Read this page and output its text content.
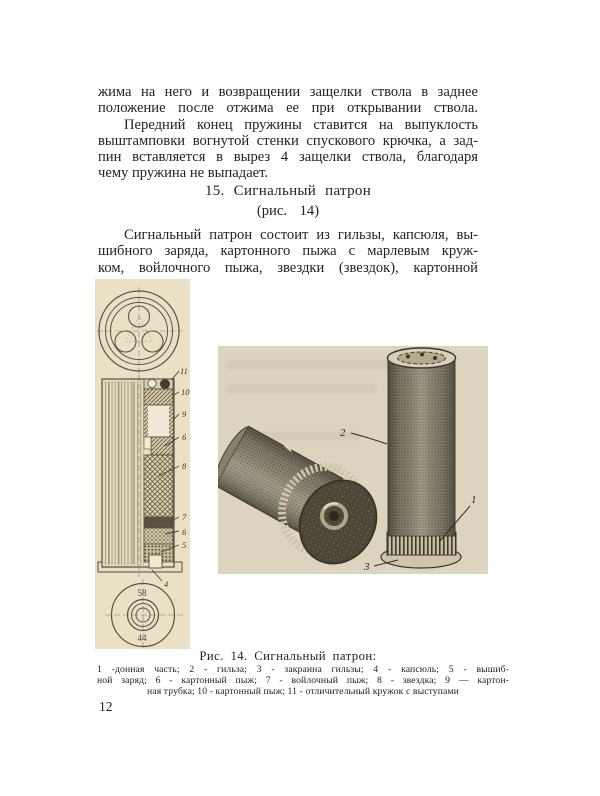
жима на него и возвращении защелки ствола в заднее
положение после отжима ее при открывании ствола.
Передний конец пружины ставится на выпуклость
выштамповки вогнутой стенки спускового крючка, а зад-
пин вставляется в вырез 4 защелки ствола, благодаря
чему пружина не выпадает.
15. Сигнальный патрон
(рис. 14)
Сигнальный патрон состоит из гильзы, капсюля, вы-
шибного заряда, картонного пыжа с марлевым круж-
ком, войлочного пыжа, звездки (звездок), картонной
11
10
9
6
8
7
6
5
4
58
44
2
1
3
Рис. 14. Сигнальный патрон:
1 -донная часть; 2 - гильза; 3 - закраина гильзы; 4 - капсюль; 5 - вышиб-
ной заряд; 6 - картонный пыж; 7 - войлочный пыж; 8 - звездка; 9 — картон-
ная трубка; 10 - картонный пыж; 11 - отличительный кружок с выступами
12
